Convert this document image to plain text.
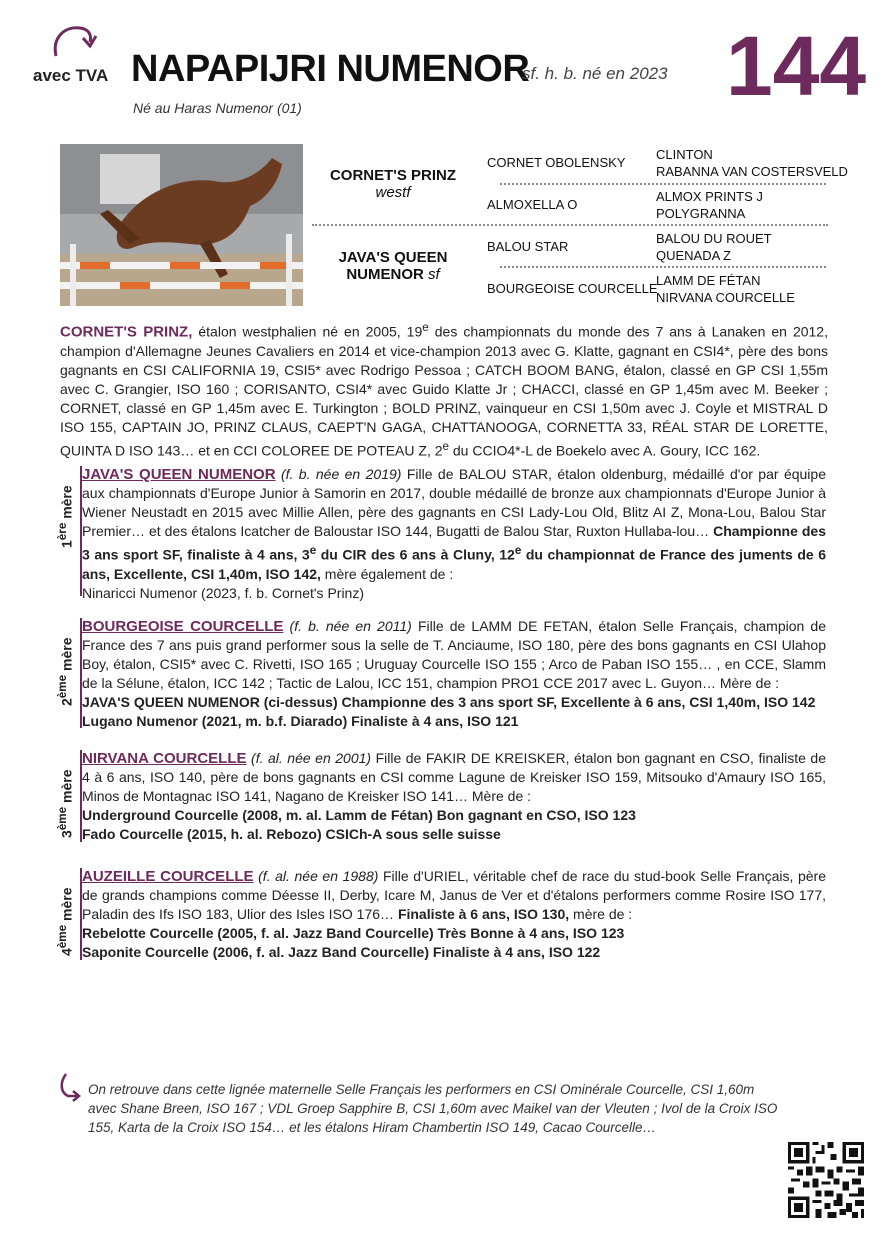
avec TVA NAPAPIJRI NUMENOR
sf. h. b. né en 2023 144
Né au Haras Numenor (01)
CORNET'S PRINZ
westf
JAVA'S QUEEN
NUMENOR sf
CORNET OBOLENSKY
ALMOXELLA O
BALOU STAR
BOURGEOISE COURCELLE
CLINTON
RABANNA VAN COSTERSVELD
ALMOX PRINTS J
POLYGRANNA
BALOU DU ROUET
QUENADA Z
LAMM DE FÉTAN
NIRVANA COURCELLE
CORNET'S PRINZ, étalon westphalien né en 2005, 19e des championnats du monde des 7 ans à Lanaken en 2012, champion d'Allemagne Jeunes Cavaliers en 2014 et vice-champion 2013 avec G. Klatte, gagnant en CSI4*, père des bons gagnants en CSI CALIFORNIA 19, CSI5* avec Rodrigo Pessoa ; CATCH BOOM BANG, étalon, classé en GP CSI 1,55m avec C. Grangier, ISO 160 ; CORISANTO, CSI4* avec Guido Klatte Jr ; CHACCI, classé en GP 1,45m avec M. Beeker ; CORNET, classé en GP 1,45m avec E. Turkington ; BOLD PRINZ, vainqueur en CSI 1,50m avec J. Coyle et MISTRAL D ISO 155, CAPTAIN JO, PRINZ CLAUS, CAEPT'N GAGA, CHATTANOOGA, CORNETTA 33, RÉAL STAR DE LORETTE, QUINTA D ISO 143… et en CCI COLOREE DE POTEAU Z, 2e du CCIO4*-L de Boekelo avec A. Goury, ICC 162.
1ère mère
JAVA'S QUEEN NUMENOR (f. b. née en 2019) Fille de BALOU STAR, étalon oldenburg, médaillé d'or par équipe aux championnats d'Europe Junior à Samorin en 2017, double médaillé de bronze aux championnats d'Europe Junior à Wiener Neustadt en 2015 avec Millie Allen, père des gagnants en CSI Lady-Lou Old, Blitz AI Z, Mona-Lou, Balou Star Premier… et des étalons Icatcher de Baloustar ISO 144, Bugatti de Balou Star, Ruxton Hullaba-lou… Championne des 3 ans sport SF, finaliste à 4 ans, 3e du CIR des 6 ans à Cluny, 12e du championnat de France des juments de 6 ans, Excellente, CSI 1,40m, ISO 142, mère également de :
Ninaricci Numenor (2023, f. b. Cornet's Prinz)
2ème mère
BOURGEOISE COURCELLE (f. b. née en 2011) Fille de LAMM DE FETAN, étalon Selle Français, champion de France des 7 ans puis grand performer sous la selle de T. Anciaume, ISO 180, père des bons gagnants en CSI Ulahop Boy, étalon, CSI5* avec C. Rivetti, ISO 165 ; Uruguay Courcelle ISO 155 ; Arco de Paban ISO 155… , en CCE, Slamm de la Sélune, étalon, ICC 142 ; Tactic de Lalou, ICC 151, champion PRO1 CCE 2017 avec L. Guyon… Mère de :
JAVA'S QUEEN NUMENOR (ci-dessus) Championne des 3 ans sport SF, Excellente à 6 ans, CSI 1,40m, ISO 142
Lugano Numenor (2021, m. b.f. Diarado) Finaliste à 4 ans, ISO 121
3ème mère
NIRVANA COURCELLE (f. al. née en 2001) Fille de FAKIR DE KREISKER, étalon bon gagnant en CSO, finaliste de 4 à 6 ans, ISO 140, père de bons gagnants en CSI comme Lagune de Kreisker ISO 159, Mitsouko d'Amaury ISO 165, Minos de Montagnac ISO 141, Nagano de Kreisker ISO 141… Mère de :
Underground Courcelle (2008, m. al. Lamm de Fétan) Bon gagnant en CSO, ISO 123
Fado Courcelle (2015, h. al. Rebozo) CSICh-A sous selle suisse
4ème mère
AUZEILLE COURCELLE (f. al. née en 1988) Fille d'URIEL, véritable chef de race du stud-book Selle Français, père de grands champions comme Déesse II, Derby, Icare M, Janus de Ver et d'étalons performers comme Rosire ISO 177, Paladin des Ifs ISO 183, Ulior des Isles ISO 176… Finaliste à 6 ans, ISO 130, mère de :
Rebelotte Courcelle (2005, f. al. Jazz Band Courcelle) Très Bonne à 4 ans, ISO 123
Saponite Courcelle (2006, f. al. Jazz Band Courcelle) Finaliste à 4 ans, ISO 122
On retrouve dans cette lignée maternelle Selle Français les performers en CSI Ominérale Courcelle, CSI 1,60m avec Shane Breen, ISO 167 ; VDL Groep Sapphire B, CSI 1,60m avec Maikel van der Vleuten ; Ivol de la Croix ISO 155, Karta de la Croix ISO 154… et les étalons Hiram Chambertin ISO 149, Cacao Courcelle…
